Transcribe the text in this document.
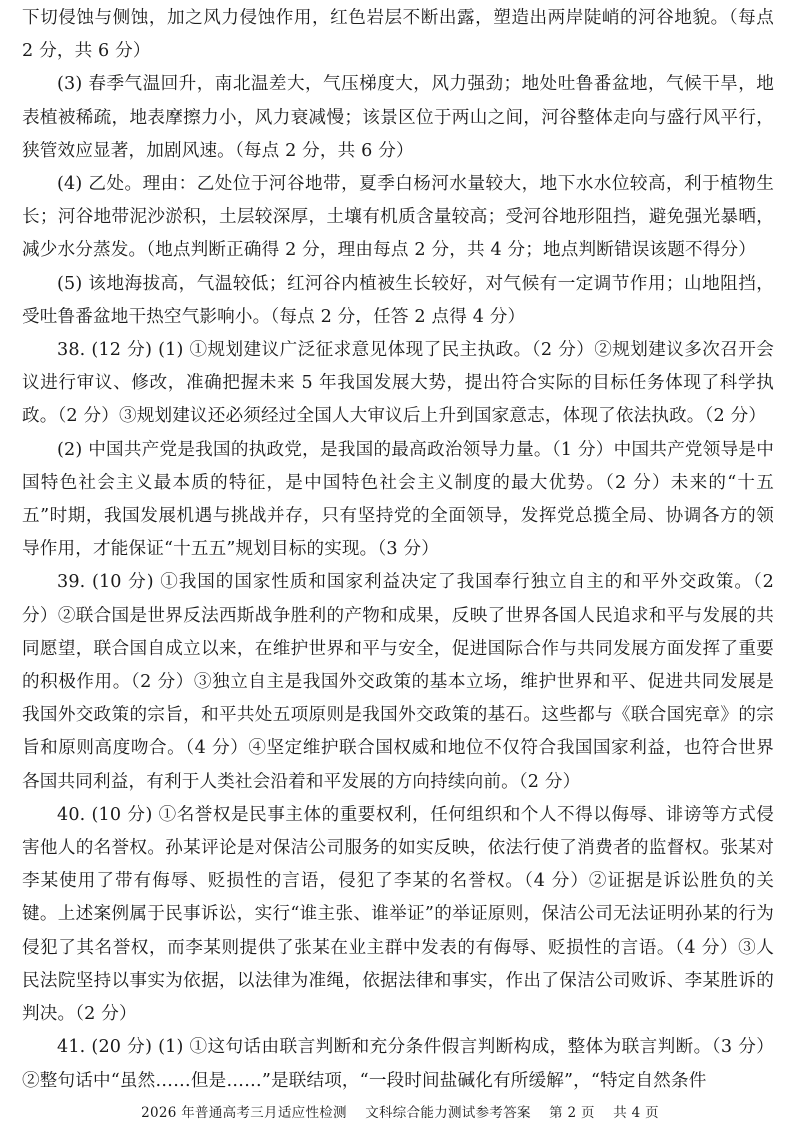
下切侵蚀与侧蚀，加之风力侵蚀作用，红色岩层不断出露，塑造出两岸陡峭的河谷地貌。（每点 2 分，共 6 分）

(3) 春季气温回升，南北温差大，气压梯度大，风力强劲；地处吐鲁番盆地，气候干旱，地表植被稀疏，地表摩擦力小，风力衰减慢；该景区位于两山之间，河谷整体走向与盛行风平行，狭管效应显著，加剧风速。（每点 2 分，共 6 分）

(4) 乙处。理由：乙处位于河谷地带，夏季白杨河水量较大，地下水水位较高，利于植物生长；河谷地带泥沙淤积，土层较深厚，土壤有机质含量较高；受河谷地形阻挡，避免强光暴晒，减少水分蒸发。（地点判断正确得 2 分，理由每点 2 分，共 4 分；地点判断错误该题不得分）

(5) 该地海拔高，气温较低；红河谷内植被生长较好，对气候有一定调节作用；山地阻挡，受吐鲁番盆地干热空气影响小。（每点 2 分，任答 2 点得 4 分）

38. (12 分) (1) ①规划建议广泛征求意见体现了民主执政。（2 分）②规划建议多次召开会议进行审议、修改，准确把握未来 5 年我国发展大势，提出符合实际的目标任务体现了科学执政。（2 分）③规划建议还必须经过全国人大审议后上升到国家意志，体现了依法执政。（2 分）

(2) 中国共产党是我国的执政党，是我国的最高政治领导力量。（1 分）中国共产党领导是中国特色社会主义最本质的特征，是中国特色社会主义制度的最大优势。（2 分）未来的“十五五”时期，我国发展机遇与挑战并存，只有坚持党的全面领导，发挥党总揽全局、协调各方的领导作用，才能保证“十五五”规划目标的实现。（3 分）

39. (10 分) ①我国的国家性质和国家利益决定了我国奉行独立自主的和平外交政策。（2 分）②联合国是世界反法西斯战争胜利的产物和成果，反映了世界各国人民追求和平与发展的共同愿望，联合国自成立以来，在维护世界和平与安全，促进国际合作与共同发展方面发挥了重要的积极作用。（2 分）③独立自主是我国外交政策的基本立场，维护世界和平、促进共同发展是我国外交政策的宗旨，和平共处五项原则是我国外交政策的基石。这些都与《联合国宪章》的宗旨和原则高度吻合。（4 分）④坚定维护联合国权威和地位不仅符合我国国家利益，也符合世界各国共同利益，有利于人类社会沿着和平发展的方向持续向前。（2 分）

40. (10 分) ①名誉权是民事主体的重要权利，任何组织和个人不得以侮辱、诽谤等方式侵害他人的名誉权。孙某评论是对保洁公司服务的如实反映，依法行使了消费者的监督权。张某对李某使用了带有侮辱、贬损性的言语，侵犯了李某的名誉权。（4 分）②证据是诉讼胜负的关键。上述案例属于民事诉讼，实行“谁主张、谁举证”的举证原则，保洁公司无法证明孙某的行为侵犯了其名誉权，而李某则提供了张某在业主群中发表的有侮辱、贬损性的言语。（4 分）③人民法院坚持以事实为依据，以法律为准绳，依据法律和事实，作出了保洁公司败诉、李某胜诉的判决。（2 分）

41. (20 分) (1) ①这句话由联言判断和充分条件假言判断构成，整体为联言判断。（3 分）②整句话中“虽然……但是……”是联结项，“一段时间盐碱化有所缓解”，“特定自然条件

2026 年普通高考三月适应性检测    文科综合能力测试参考答案    第 2 页    共 4 页
